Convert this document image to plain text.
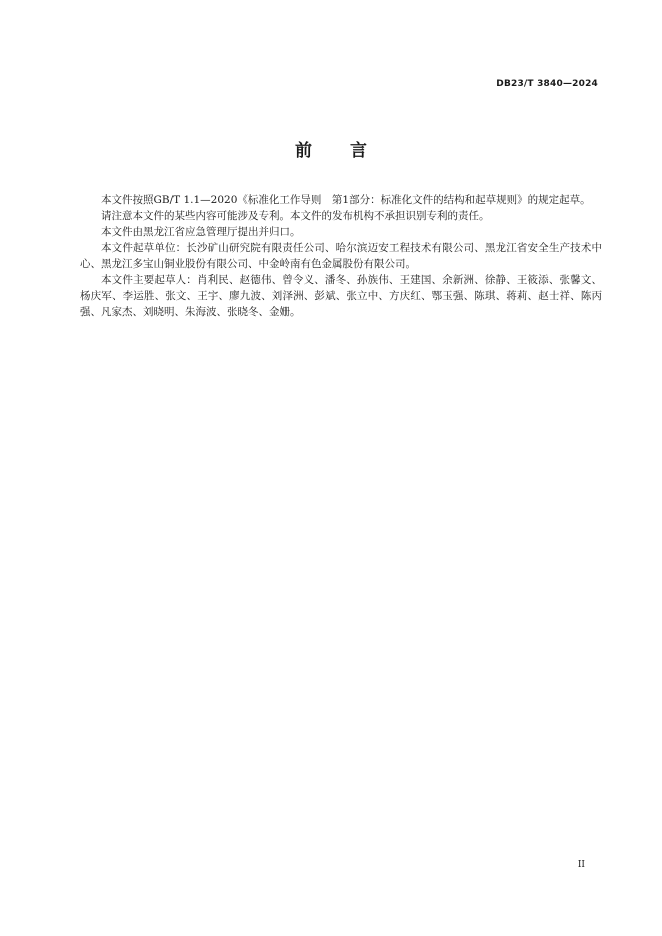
DB23/T 3840—2024
前 言

本文件按照GB/T 1.1—2020《标准化工作导则　第1部分：标准化文件的结构和起草规则》的规定起草。

请注意本文件的某些内容可能涉及专利。本文件的发布机构不承担识别专利的责任。

本文件由黑龙江省应急管理厅提出并归口。

本文件起草单位：长沙矿山研究院有限责任公司、哈尔滨迈安工程技术有限公司、黑龙江省安全生产技术中心、黑龙江多宝山铜业股份有限公司、中金岭南有色金属股份有限公司。

本文件主要起草人：肖利民、赵德伟、曾令义、潘冬、孙族伟、王建国、余新洲、徐静、王筱添、张馨文、杨庆军、李运胜、张文、王宇、廖九波、刘泽洲、彭斌、张立中、方庆红、鄂玉强、陈琪、蒋莉、赵士祥、陈丙强、凡家杰、刘晓明、朱海波、张晓冬、金姗。

II
